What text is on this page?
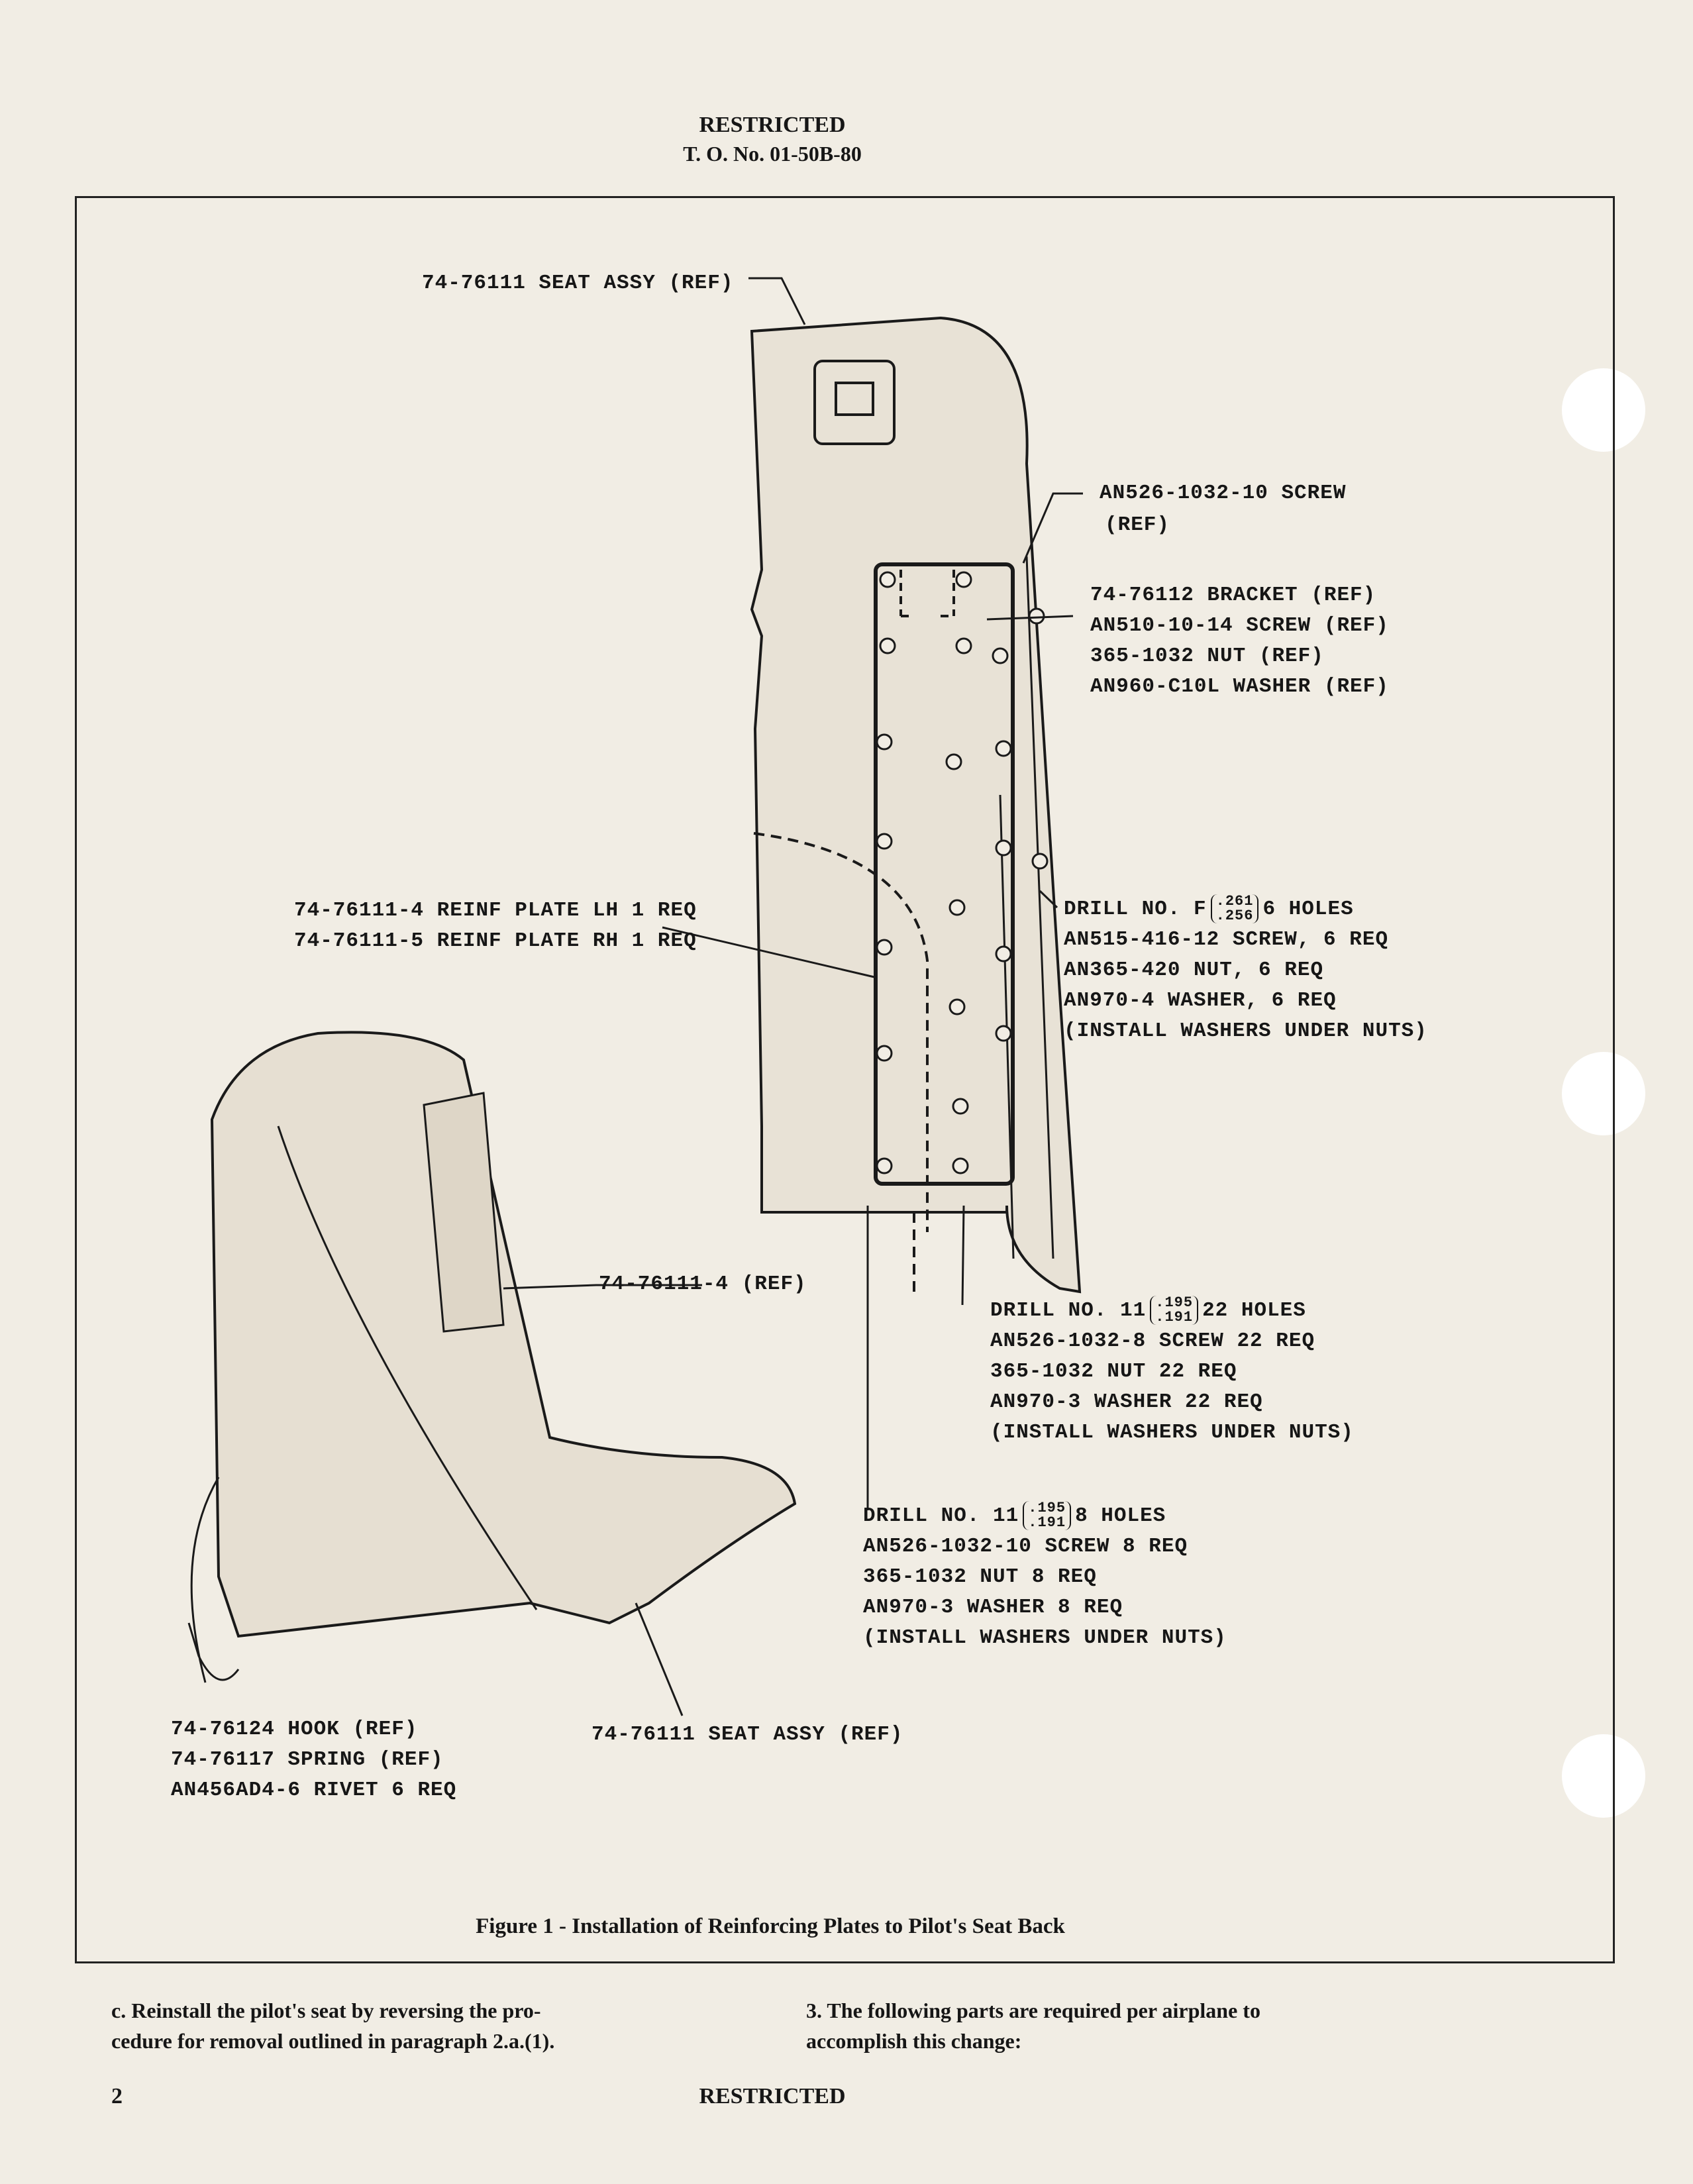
RESTRICTED
T. O. No. 01-50B-80
74-76111 SEAT ASSY (REF)
AN526-1032-10 SCREW
(REF)
74-76112 BRACKET (REF)
AN510-10-14 SCREW (REF)
365-1032 NUT (REF)
AN960-C10L WASHER (REF)
DRILL NO. F .261
.256 6 HOLES
AN515-416-12 SCREW, 6 REQ
AN365-420 NUT, 6 REQ
AN970-4 WASHER, 6 REQ
(INSTALL WASHERS UNDER NUTS)
74-76111-4 REINF PLATE LH 1 REQ
74-76111-5 REINF PLATE RH 1 REQ
74-76111-4 (REF)
DRILL NO. 11 .195
.191 22 HOLES
AN526-1032-8 SCREW 22 REQ
365-1032 NUT 22 REQ
AN970-3 WASHER 22 REQ
(INSTALL WASHERS UNDER NUTS)
DRILL NO. 11 .195
.191 8 HOLES
AN526-1032-10 SCREW 8 REQ
365-1032 NUT 8 REQ
AN970-3 WASHER 8 REQ
(INSTALL WASHERS UNDER NUTS)
74-76111 SEAT ASSY (REF)
74-76124 HOOK (REF)
74-76117 SPRING (REF)
AN456AD4-6 RIVET 6 REQ
Figure 1 - Installation of Reinforcing Plates to Pilot's Seat Back
c. Reinstall the pilot's seat by reversing the pro-
cedure for removal outlined in paragraph 2.a.(1).
3. The following parts are required per airplane to
accomplish this change:
2	RESTRICTED
